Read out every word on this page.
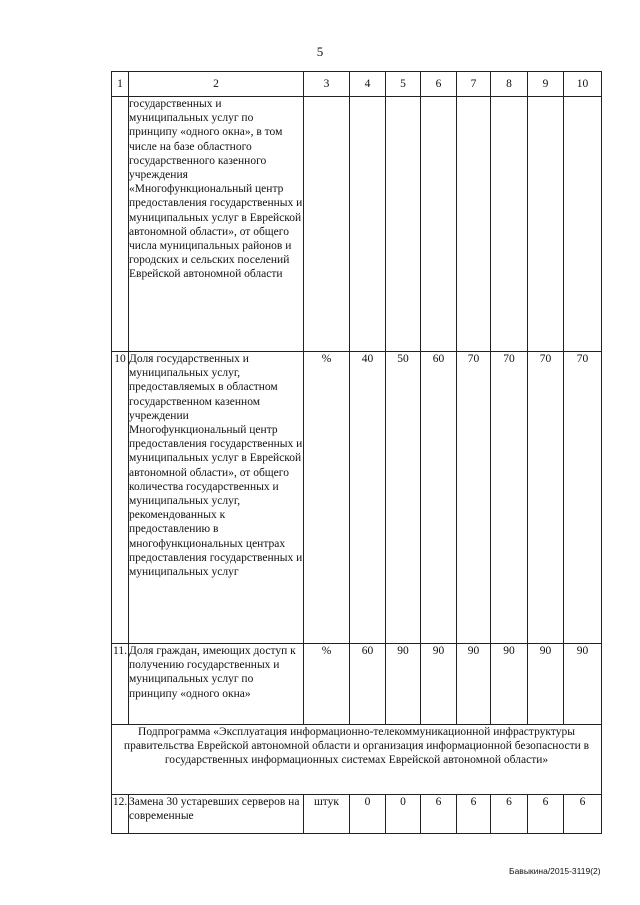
5
1	2	3	4	5	6	7	8	9	10
	государственных и муниципальных услуг по принципу «одного окна», в том числе на базе областного государственного казенного учреждения «Многофункциональный центр предоставления государственных и муниципальных услуг в Еврейской автономной области», от общего числа муниципальных районов и городских и сельских поселений Еврейской автономной области								
10	Доля государственных и муниципальных услуг, предоставляемых в областном государственном казенном учреждении Многофункциональный центр предоставления государственных и муниципальных услуг в Еврейской автономной области», от общего количества государственных и муниципальных услуг, рекомендованных к предоставлению в многофункциональных центрах предоставления государственных и муниципальных услуг	%	40	50	60	70	70	70	70
11.	Доля граждан, имеющих доступ к получению государственных и муниципальных услуг по принципу «одного окна»	%	60	90	90	90	90	90	90
Подпрограмма «Эксплуатация информационно-телекоммуникационной инфраструктуры правительства Еврейской автономной области и организация информационной безопасности в государственных информационных системах Еврейской автономной области»									
12.	Замена 30 устаревших серверов на современные	штук	0	0	6	6	6	6	6
Бавыкина/2015-3119(2)
